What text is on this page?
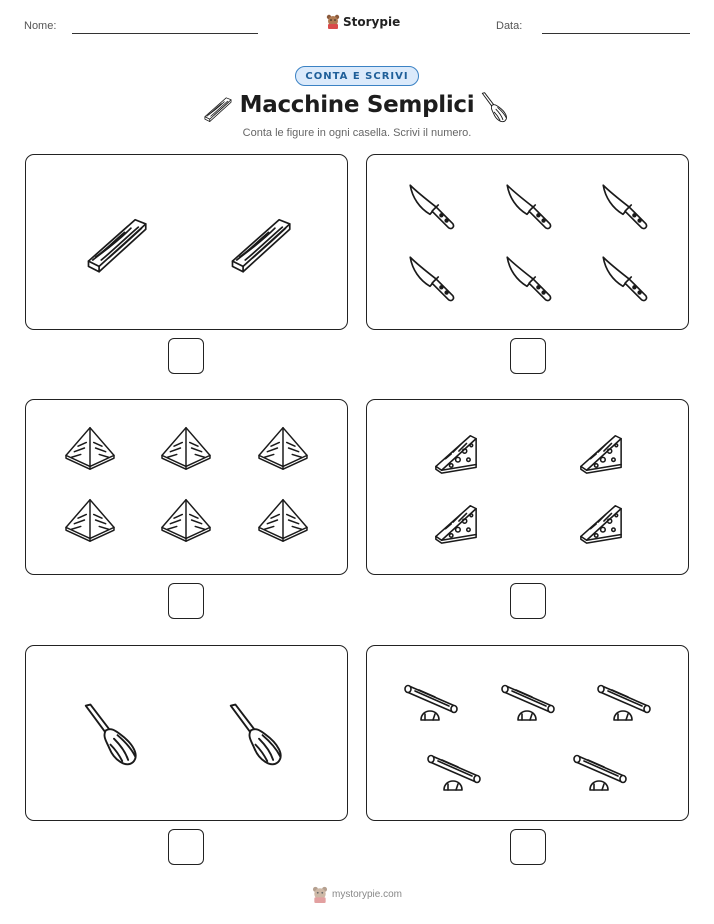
Nome:	Storypie	Data:
CONTA E SCRIVI
Macchine Semplici
Conta le figure in ogni casella. Scrivi il numero.
mystorypie.com
